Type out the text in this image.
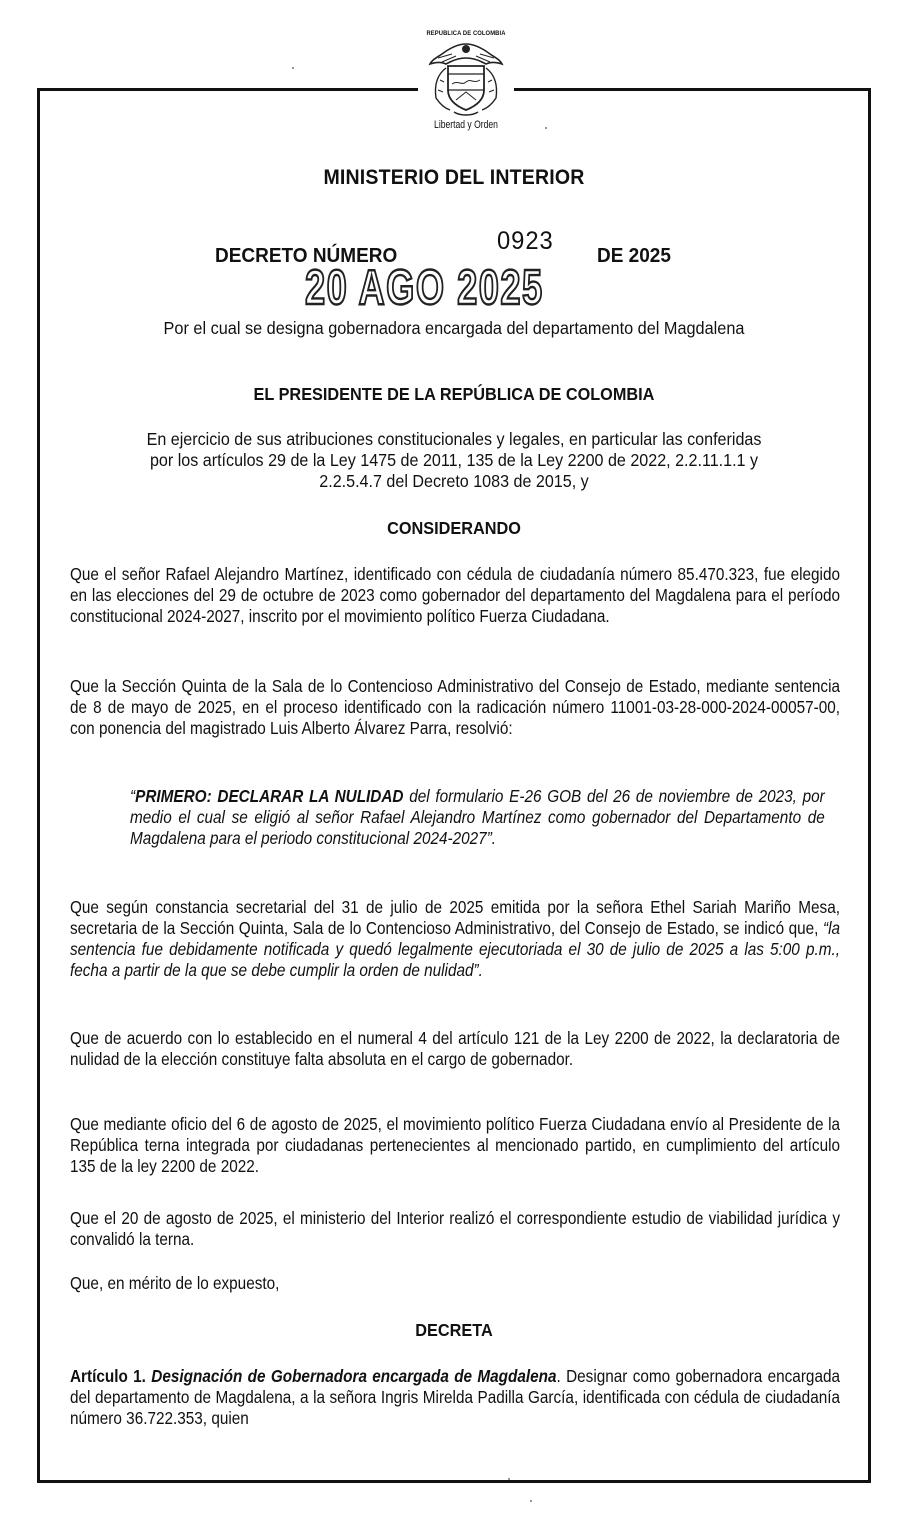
REPUBLICA DE COLOMBIA
Libertad y Orden
MINISTERIO DEL INTERIOR
DECRETO NÚMERO
0923
DE 2025
20 AGO 2025
Por el cual se designa gobernadora encargada del departamento del Magdalena
EL PRESIDENTE DE LA REPÚBLICA DE COLOMBIA
En ejercicio de sus atribuciones constitucionales y legales, en particular las conferidas
por los artículos 29 de la Ley 1475 de 2011, 135 de la Ley 2200 de 2022, 2.2.11.1.1 y
2.2.5.4.7 del Decreto 1083 de 2015, y
CONSIDERANDO
Que el señor Rafael Alejandro Martínez, identificado con cédula de ciudadanía número 85.470.323, fue elegido en las elecciones del 29 de octubre de 2023 como gobernador del departamento del Magdalena para el período constitucional 2024-2027, inscrito por el movimiento político Fuerza Ciudadana.
Que la Sección Quinta de la Sala de lo Contencioso Administrativo del Consejo de Estado, mediante sentencia de 8 de mayo de 2025, en el proceso identificado con la radicación número 11001-03-28-000-2024-00057-00, con ponencia del magistrado Luis Alberto Álvarez Parra, resolvió:
“PRIMERO: DECLARAR LA NULIDAD del formulario E-26 GOB del 26 de noviembre de 2023, por medio el cual se eligió al señor Rafael Alejandro Martínez como gobernador del Departamento de Magdalena para el periodo constitucional 2024-2027”.
Que según constancia secretarial del 31 de julio de 2025 emitida por la señora Ethel Sariah Mariño Mesa, secretaria de la Sección Quinta, Sala de lo Contencioso Administrativo, del Consejo de Estado, se indicó que, “la sentencia fue debidamente notificada y quedó legalmente ejecutoriada el 30 de julio de 2025 a las 5:00 p.m., fecha a partir de la que se debe cumplir la orden de nulidad”.
Que de acuerdo con lo establecido en el numeral 4 del artículo 121 de la Ley 2200 de 2022, la declaratoria de nulidad de la elección constituye falta absoluta en el cargo de gobernador.
Que mediante oficio del 6 de agosto de 2025, el movimiento político Fuerza Ciudadana envío al Presidente de la República terna integrada por ciudadanas pertenecientes al mencionado partido, en cumplimiento del artículo 135 de la ley 2200 de 2022.
Que el 20 de agosto de 2025, el ministerio del Interior realizó el correspondiente estudio de viabilidad jurídica y convalidó la terna.
Que, en mérito de lo expuesto,
DECRETA
Artículo 1. Designación de Gobernadora encargada de Magdalena. Designar como gobernadora encargada del departamento de Magdalena, a la señora Ingris Mirelda Padilla García, identificada con cédula de ciudadanía número 36.722.353, quien
